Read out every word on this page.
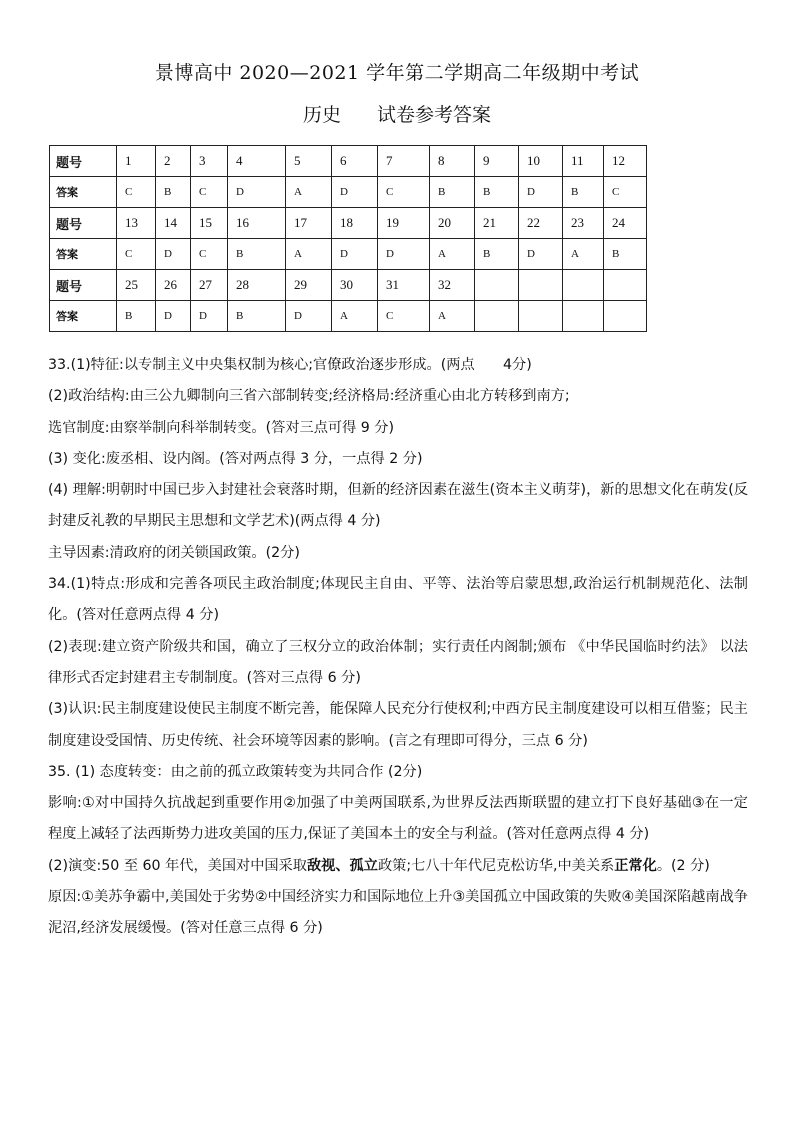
景博高中 2020—2021 学年第二学期高二年级期中考试
历史 试卷参考答案
题号	1	2	3	4	5	6	7	8	9	10	11	12
答案	C	B	C	D	A	D	C	B	B	D	B	C
题号	13	14	15	16	17	18	19	20	21	22	23	24
答案	C	D	C	B	A	D	D	A	B	D	A	B
题号	25	26	27	28	29	30	31	32				
答案	B	D	D	B	D	A	C	A				

33.(1)特征:以专制主义中央集权制为核心;官僚政治逐步形成。(两点　　4分)

(2)政治结构:由三公九卿制向三省六部制转变;经济格局:经济重心由北方转移到南方;

选官制度:由察举制向科举制转变。(答对三点可得 9 分)

(3) 变化:废丞相、设内阁。(答对两点得 3 分，一点得 2 分)

(4) 理解:明朝时中国已步入封建社会衰落时期，但新的经济因素在滋生(资本主义萌芽)，新的思想文化在萌发(反封建反礼教的早期民主思想和文学艺术)(两点得 4 分)

主导因素:清政府的闭关锁国政策。(2分)

34.(1)特点:形成和完善各项民主政治制度;体现民主自由、平等、法治等启蒙思想,政治运行机制规范化、法制化。(答对任意两点得 4 分)

(2)表现:建立资产阶级共和国，确立了三权分立的政治体制；实行责任内阁制;颁布 《中华民国临时约法》 以法律形式否定封建君主专制制度。(答对三点得 6 分)

(3)认识:民主制度建设使民主制度不断完善，能保障人民充分行使权利;中西方民主制度建设可以相互借鉴；民主制度建设受国情、历史传统、社会环境等因素的影响。(言之有理即可得分，三点 6 分)

35. (1) 态度转变：由之前的孤立政策转变为共同合作 (2分)

影响:①对中国持久抗战起到重要作用②加强了中美两国联系,为世界反法西斯联盟的建立打下良好基础③在一定程度上减轻了法西斯势力进攻美国的压力,保证了美国本土的安全与利益。(答对任意两点得 4 分)

(2)演变:50 至 60 年代，美国对中国采取敌视、孤立政策;七八十年代尼克松访华,中美关系正常化。(2 分)

原因:①美苏争霸中,美国处于劣势②中国经济实力和国际地位上升③美国孤立中国政策的失败④美国深陷越南战争泥沼,经济发展缓慢。(答对任意三点得 6 分)
